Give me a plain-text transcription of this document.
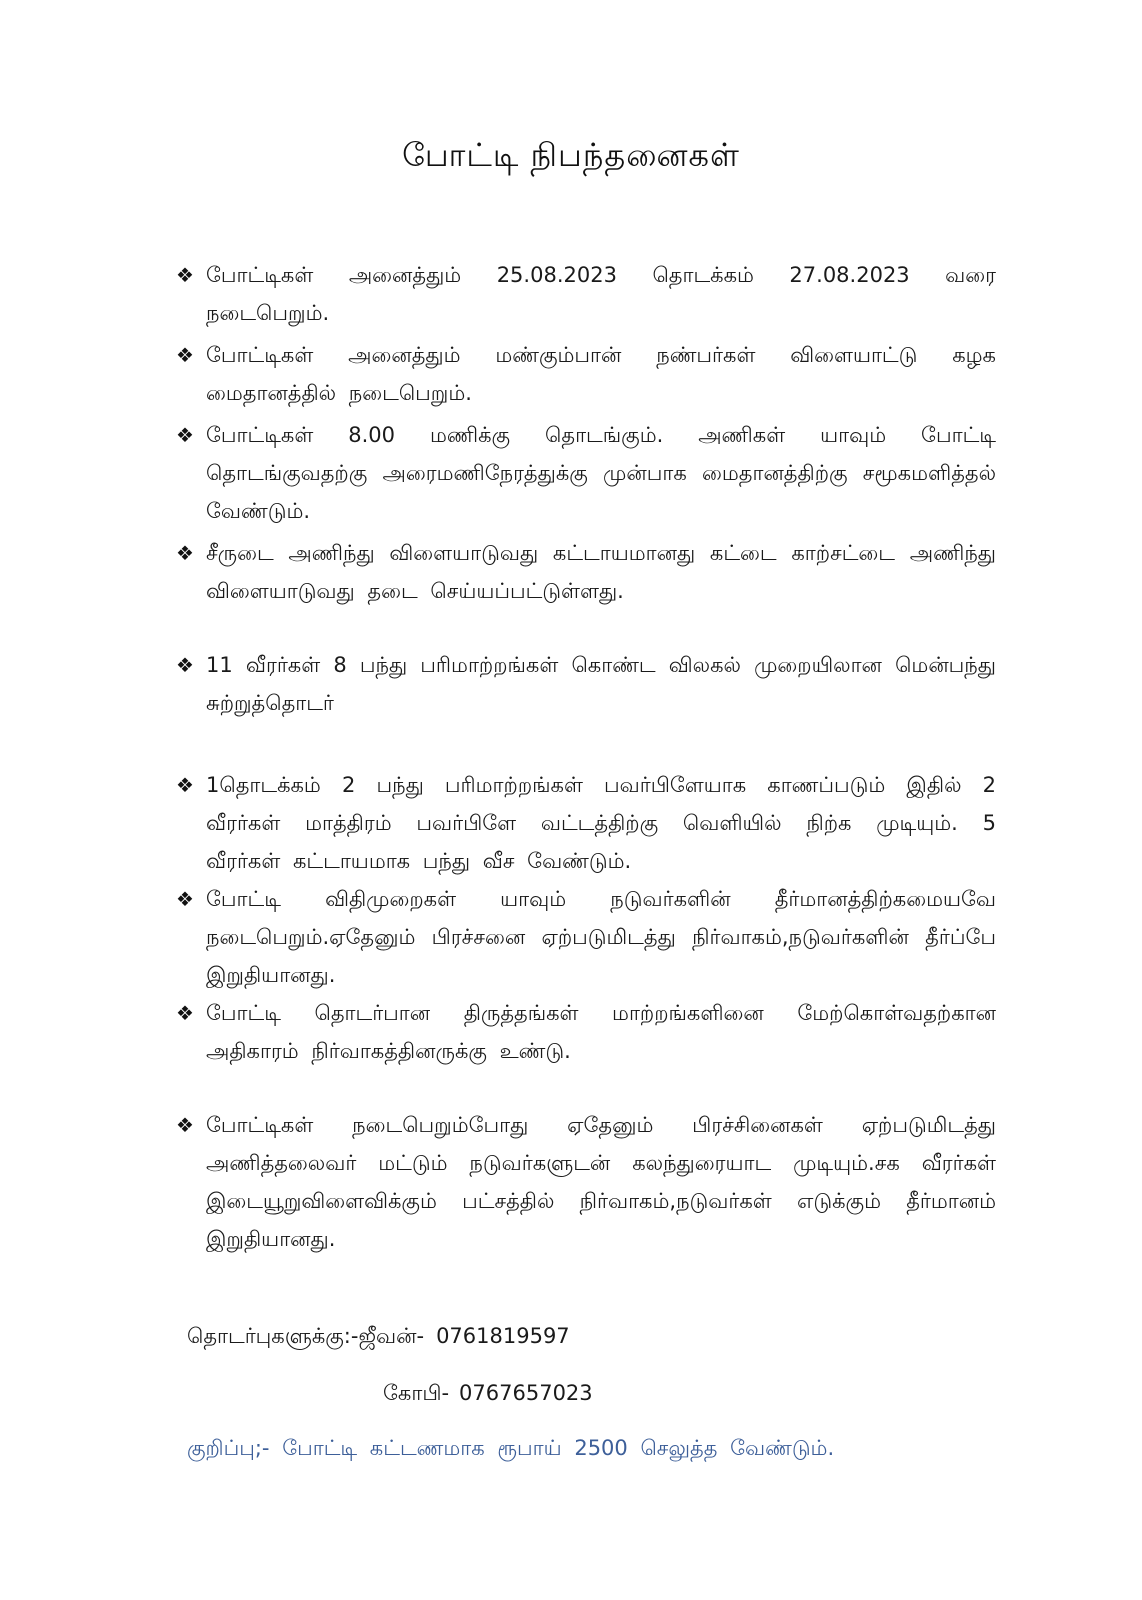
போட்டி நிபந்தனைகள்
❖ போட்டிகள் அனைத்தும் 25.08.2023 தொடக்கம் 27.08.2023 வரை நடைபெறும்.
❖ போட்டிகள் அனைத்தும் மண்கும்பான் நண்பர்கள் விளையாட்டு கழக மைதானத்தில் நடைபெறும்.
❖ போட்டிகள் 8.00 மணிக்கு தொடங்கும். அணிகள் யாவும் போட்டி தொடங்குவதற்கு அரைமணிநேரத்துக்கு முன்பாக மைதானத்திற்கு சமூகமளித்தல் வேண்டும்.
❖ சீருடை அணிந்து விளையாடுவது கட்டாயமானது கட்டை காற்சட்டை அணிந்து விளையாடுவது தடை செய்யப்பட்டுள்ளது.
❖ 11 வீரர்கள் 8 பந்து பரிமாற்றங்கள் கொண்ட விலகல் முறையிலான மென்பந்து சுற்றுத்தொடர்
❖ 1தொடக்கம் 2 பந்து பரிமாற்றங்கள் பவர்பிளேயாக காணப்படும் இதில் 2 வீரர்கள் மாத்திரம் பவர்பிளே வட்டத்திற்கு வெளியில் நிற்க முடியும். 5 வீரர்கள் கட்டாயமாக பந்து வீச வேண்டும்.
❖ போட்டி விதிமுறைகள் யாவும் நடுவர்களின் தீர்மானத்திற்கமையவே நடைபெறும்.ஏதேனும் பிரச்சனை ஏற்படுமிடத்து நிர்வாகம்,நடுவர்களின் தீர்ப்பே இறுதியானது.
❖ போட்டி தொடர்பான திருத்தங்கள் மாற்றங்களினை மேற்கொள்வதற்கான அதிகாரம் நிர்வாகத்தினருக்கு உண்டு.
❖ போட்டிகள் நடைபெறும்போது ஏதேனும் பிரச்சினைகள் ஏற்படுமிடத்து அணித்தலைவர் மட்டும் நடுவர்களுடன் கலந்துரையாட முடியும்.சக வீரர்கள் இடையூறுவிளைவிக்கும் பட்சத்தில் நிர்வாகம்,நடுவர்கள் எடுக்கும் தீர்மானம் இறுதியானது.
தொடர்புகளுக்கு:-ஜீவன்- 0761819597
கோபி- 0767657023
குறிப்பு;- போட்டி கட்டணமாக ரூபாய் 2500 செலுத்த வேண்டும்.
